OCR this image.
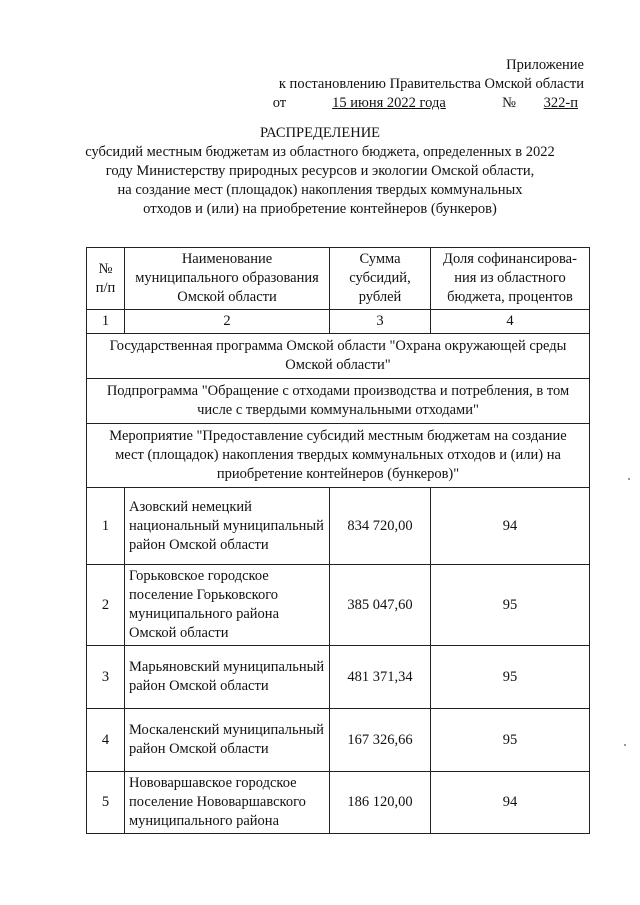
Приложение
к постановлению Правительства Омской области
от	15 июня 2022 года	№	322-п
РАСПРЕДЕЛЕНИЕ
субсидий местным бюджетам из областного бюджета, определенных в 2022
году Министерству природных ресурсов и экологии Омской области,
на создание мест (площадок) накопления твердых коммунальных
отходов и (или) на приобретение контейнеров (бункеров)
№ п/п	Наименование муниципального образования Омской области	Сумма субсидий, рублей	Доля софинансирова-ния из областного бюджета, процентов
1	2	3	4
Государственная программа Омской области "Охрана окружающей среды Омской области"			
Подпрограмма "Обращение с отходами производства и потребления, в том числе с твердыми коммунальными отходами"			
Мероприятие "Предоставление субсидий местным бюджетам на создание мест (площадок) накопления твердых коммунальных отходов и (или) на приобретение контейнеров (бункеров)"			
1	Азовский немецкий национальный муниципальный район Омской области	834 720,00	94
2	Горьковское городское поселение Горьковского муниципального района Омской области	385 047,60	95
3	Марьяновский муниципальный район Омской области	481 371,34	95
4	Москаленский муниципальный район Омской области	167 326,66	95
5	Нововаршавское городское поселение Нововаршавского муниципального района	186 120,00	94
